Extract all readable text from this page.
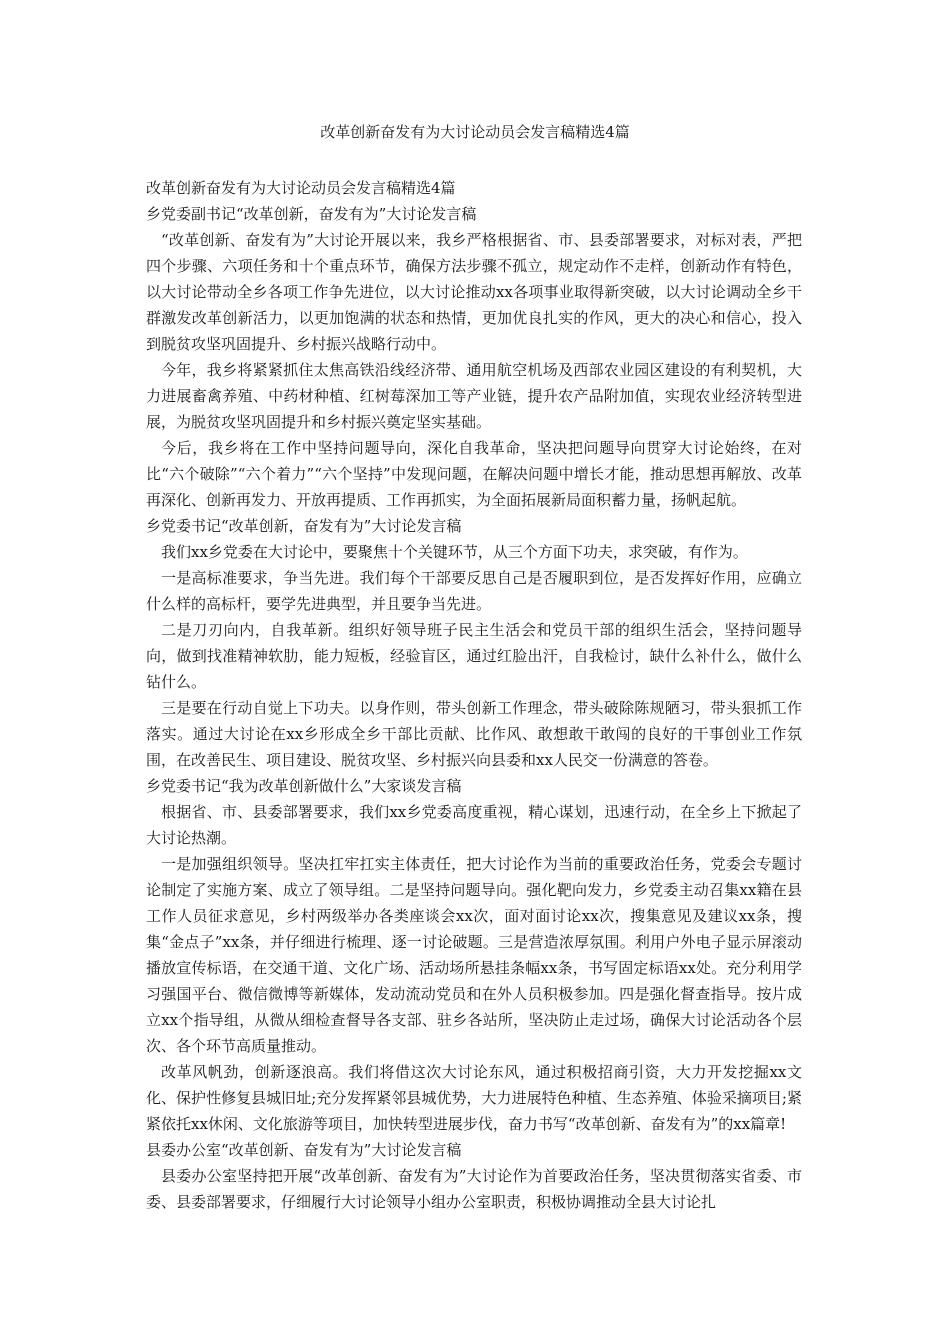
改革创新奋发有为大讨论动员会发言稿精选4篇

改革创新奋发有为大讨论动员会发言稿精选4篇

乡党委副书记“改革创新，奋发有为”大讨论发言稿

“改革创新、奋发有为”大讨论开展以来，我乡严格根据省、市、县委部署要求，对标对表，严把四个步骤、六项任务和十个重点环节，确保方法步骤不孤立，规定动作不走样，创新动作有特色，以大讨论带动全乡各项工作争先进位，以大讨论推动xx各项事业取得新突破，以大讨论调动全乡干群激发改革创新活力，以更加饱满的状态和热情，更加优良扎实的作风，更大的决心和信心，投入到脱贫攻坚巩固提升、乡村振兴战略行动中。

今年，我乡将紧紧抓住太焦高铁沿线经济带、通用航空机场及西部农业园区建设的有利契机，大力进展畜禽养殖、中药材种植、红树莓深加工等产业链，提升农产品附加值，实现农业经济转型进展，为脱贫攻坚巩固提升和乡村振兴奠定坚实基础。

今后，我乡将在工作中坚持问题导向，深化自我革命，坚决把问题导向贯穿大讨论始终，在对比“六个破除”“六个着力”“六个坚持”中发现问题，在解决问题中增长才能，推动思想再解放、改革再深化、创新再发力、开放再提质、工作再抓实，为全面拓展新局面积蓄力量，扬帆起航。

乡党委书记“改革创新，奋发有为”大讨论发言稿

我们xx乡党委在大讨论中，要聚焦十个关键环节，从三个方面下功夫，求突破，有作为。

一是高标准要求，争当先进。我们每个干部要反思自己是否履职到位，是否发挥好作用，应确立什么样的高标杆，要学先进典型，并且要争当先进。

二是刀刃向内，自我革新。组织好领导班子民主生活会和党员干部的组织生活会，坚持问题导向，做到找准精神软肋，能力短板，经验盲区，通过红脸出汗，自我检讨，缺什么补什么，做什么钻什么。

三是要在行动自觉上下功夫。以身作则，带头创新工作理念，带头破除陈规陋习，带头狠抓工作落实。通过大讨论在xx乡形成全乡干部比贡献、比作风、敢想敢干敢闯的良好的干事创业工作氛围，在改善民生、项目建设、脱贫攻坚、乡村振兴向县委和xx人民交一份满意的答卷。

乡党委书记“我为改革创新做什么”大家谈发言稿

根据省、市、县委部署要求，我们xx乡党委高度重视，精心谋划，迅速行动，在全乡上下掀起了大讨论热潮。

一是加强组织领导。坚决扛牢扛实主体责任，把大讨论作为当前的重要政治任务，党委会专题讨论制定了实施方案、成立了领导组。二是坚持问题导向。强化靶向发力，乡党委主动召集xx籍在县工作人员征求意见，乡村两级举办各类座谈会xx次，面对面讨论xx次，搜集意见及建议xx条，搜集“金点子”xx条，并仔细进行梳理、逐一讨论破题。三是营造浓厚氛围。利用户外电子显示屏滚动播放宣传标语，在交通干道、文化广场、活动场所悬挂条幅xx条，书写固定标语xx处。充分利用学习强国平台、微信微博等新媒体，发动流动党员和在外人员积极参加。四是强化督查指导。按片成立xx个指导组，从微从细检查督导各支部、驻乡各站所，坚决防止走过场，确保大讨论活动各个层次、各个环节高质量推动。

改革风帆劲，创新逐浪高。我们将借这次大讨论东风，通过积极招商引资，大力开发挖掘xx文化、保护性修复县城旧址;充分发挥紧邻县城优势，大力进展特色种植、生态养殖、体验采摘项目;紧紧依托xx休闲、文化旅游等项目，加快转型进展步伐，奋力书写“改革创新、奋发有为”的xx篇章!

县委办公室“改革创新、奋发有为”大讨论发言稿

县委办公室坚持把开展“改革创新、奋发有为”大讨论作为首要政治任务，坚决贯彻落实省委、市委、县委部署要求，仔细履行大讨论领导小组办公室职责，积极协调推动全县大讨论扎
